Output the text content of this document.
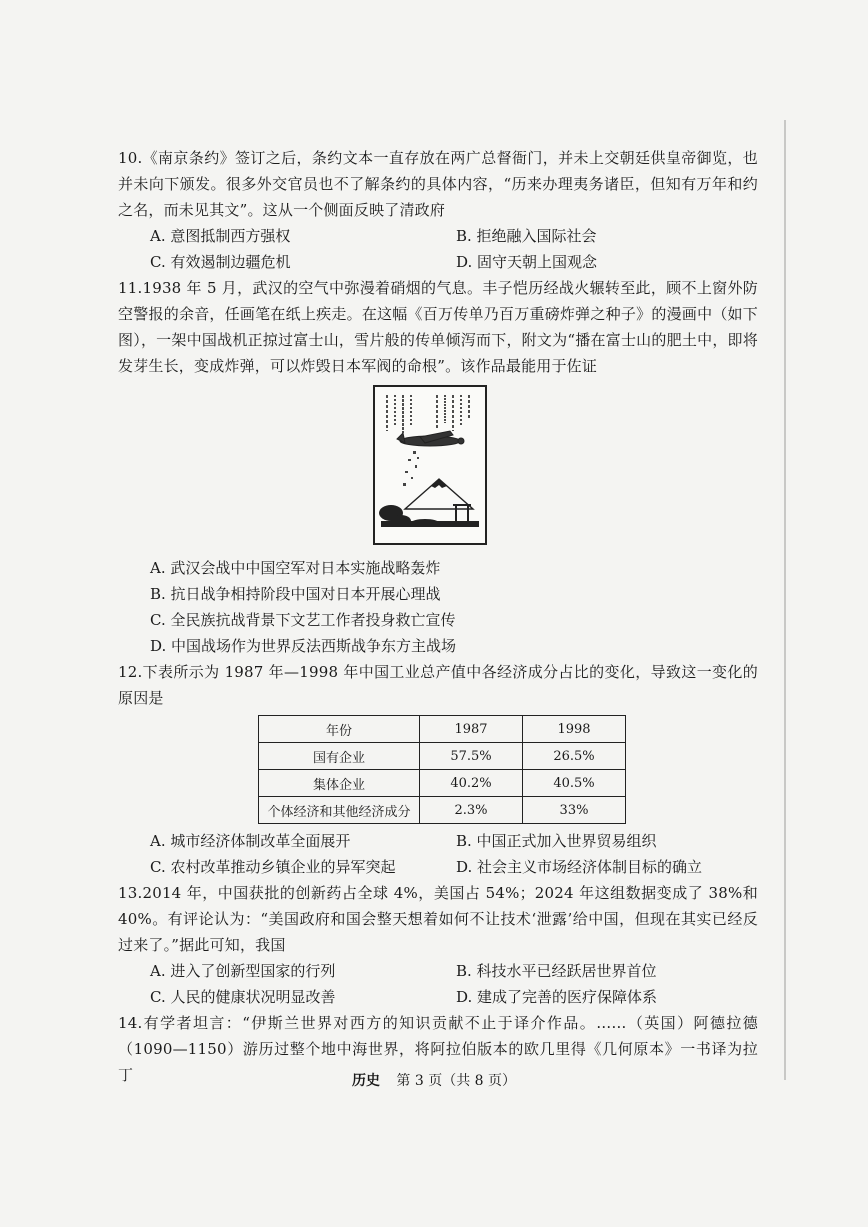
10.《南京条约》签订之后，条约文本一直存放在两广总督衙门，并未上交朝廷供皇帝御览，也并未向下颁发。很多外交官员也不了解条约的具体内容，“历来办理夷务诸臣，但知有万年和约之名，而未见其文”。这从一个侧面反映了清政府

A. 意图抵制西方强权	B. 拒绝融入国际社会
C. 有效遏制边疆危机	D. 固守天朝上国观念

11.1938 年 5 月，武汉的空气中弥漫着硝烟的气息。丰子恺历经战火辗转至此，顾不上窗外防空警报的余音，任画笔在纸上疾走。在这幅《百万传单乃百万重磅炸弹之种子》的漫画中（如下图），一架中国战机正掠过富士山，雪片般的传单倾泻而下，附文为“播在富士山的肥土中，即将发芽生长，变成炸弹，可以炸毁日本军阀的命根”。该作品最能用于佐证

A. 武汉会战中中国空军对日本实施战略轰炸
B. 抗日战争相持阶段中国对日本开展心理战
C. 全民族抗战背景下文艺工作者投身救亡宣传
D. 中国战场作为世界反法西斯战争东方主战场

12.下表所示为 1987 年—1998 年中国工业总产值中各经济成分占比的变化，导致这一变化的原因是

年份	1987	1998
国有企业	57.5%	26.5%
集体企业	40.2%	40.5%
个体经济和其他经济成分	2.3%	33%
A. 城市经济体制改革全面展开	B. 中国正式加入世界贸易组织
C. 农村改革推动乡镇企业的异军突起	D. 社会主义市场经济体制目标的确立

13.2014 年，中国获批的创新药占全球 4%，美国占 54%；2024 年这组数据变成了 38%和 40%。有评论认为：“美国政府和国会整天想着如何不让技术‘泄露’给中国，但现在其实已经反过来了。”据此可知，我国

A. 进入了创新型国家的行列	B. 科技水平已经跃居世界首位
C. 人民的健康状况明显改善	D. 建成了完善的医疗保障体系

14.有学者坦言：“伊斯兰世界对西方的知识贡献不止于译介作品。……（英国）阿德拉德（1090—1150）游历过整个地中海世界，将阿拉伯版本的欧几里得《几何原本》一书译为拉丁	历史 第 3 页（共 8 页）
